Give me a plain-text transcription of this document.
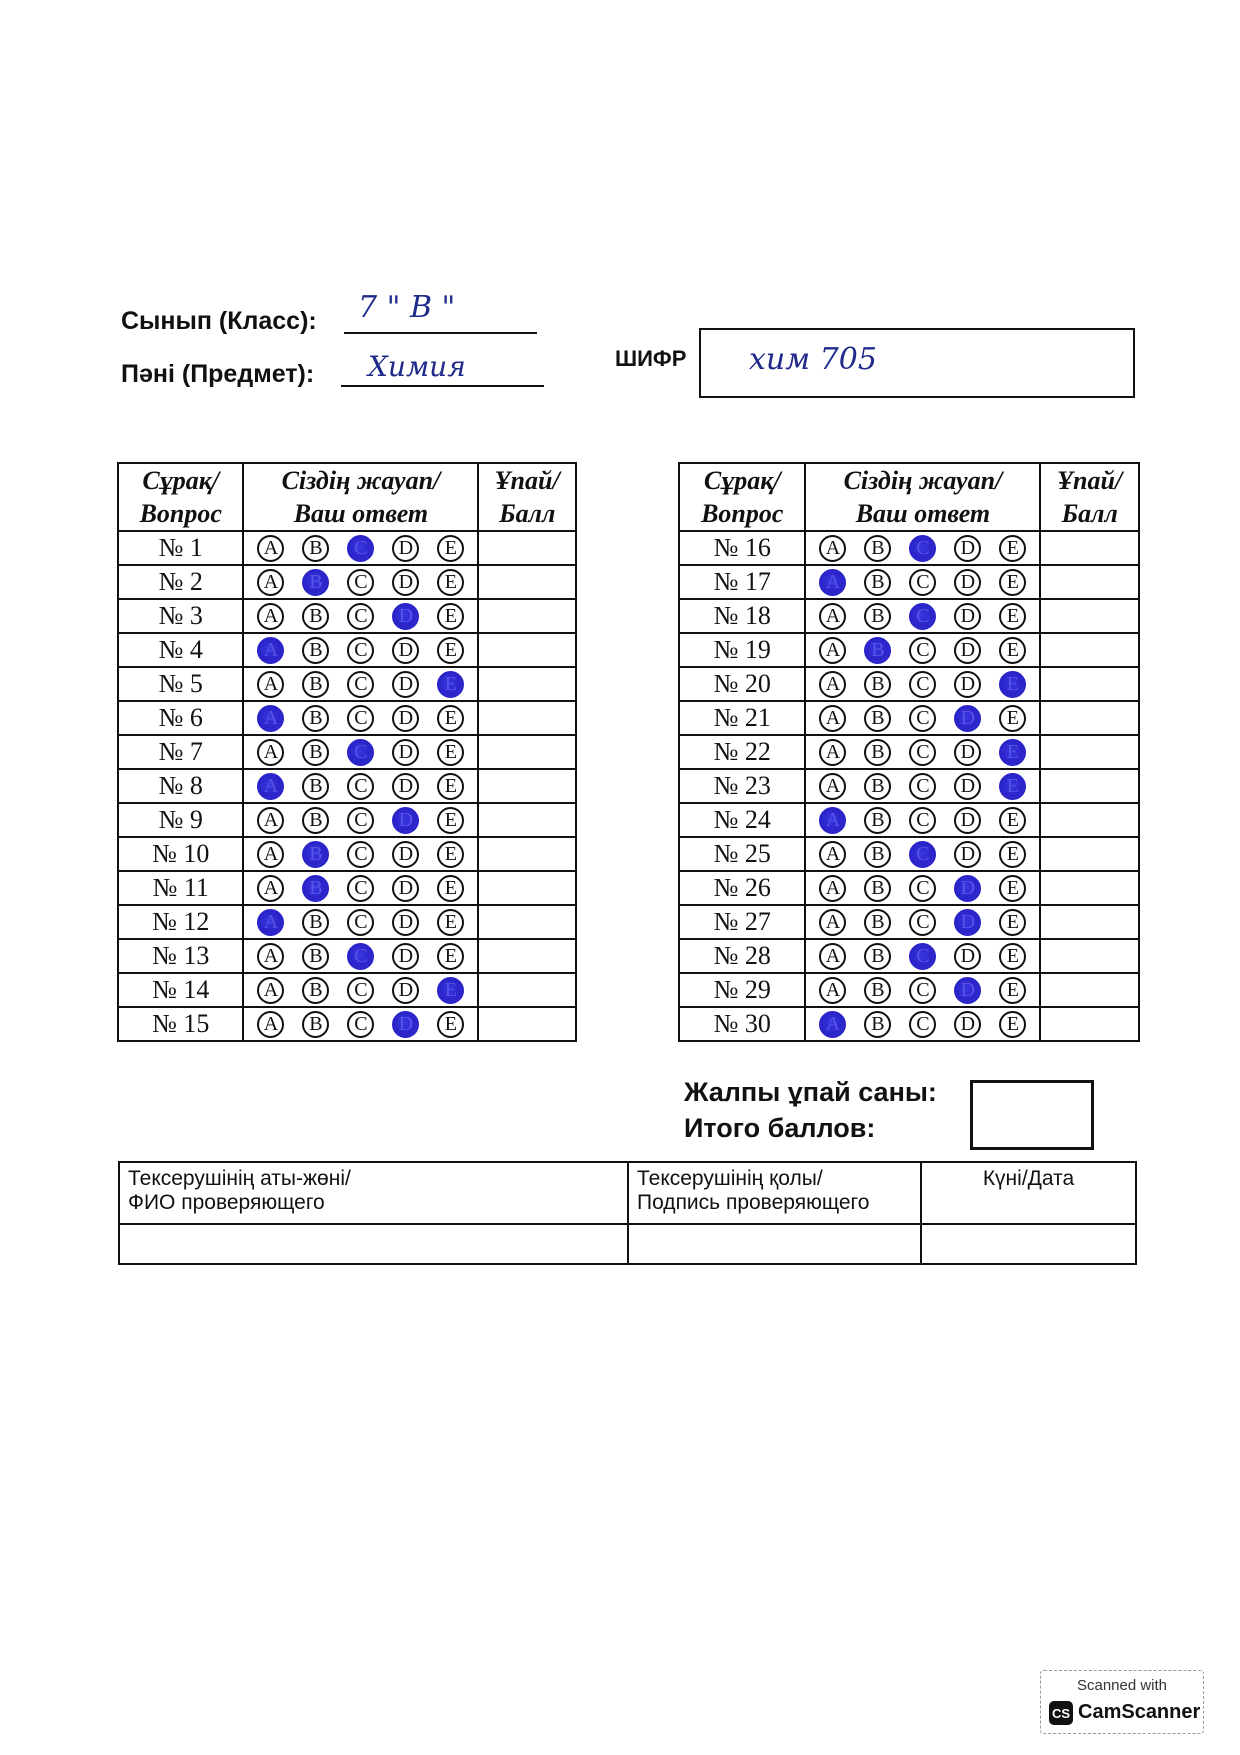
Сынып (Класс): 7 " В "
Пәні (Предмет): Химия	ШИФР хим 705
Сұрақ/
Вопрос	Сіздің жауап/
Ваш ответ	Ұпай/
Балл
№ 1	A B C D E	

№ 2	A B C D E	

№ 3	A B C D E	

№ 4	A B C D E	

№ 5	A B C D E	

№ 6	A B C D E	

№ 7	A B C D E	

№ 8	A B C D E	

№ 9	A B C D E	

№ 10	A B C D E	

№ 11	A B C D E	

№ 12	A B C D E	

№ 13	A B C D E	

№ 14	A B C D E	

№ 15	A B C D E	

Сұрақ/
Вопрос	Сіздің жауап/
Ваш ответ	Ұпай/
Балл
№ 16	A B C D E	

№ 17	A B C D E	

№ 18	A B C D E	

№ 19	A B C D E	

№ 20	A B C D E	

№ 21	A B C D E	

№ 22	A B C D E	

№ 23	A B C D E	

№ 24	A B C D E	

№ 25	A B C D E	

№ 26	A B C D E	

№ 27	A B C D E	

№ 28	A B C D E	

№ 29	A B C D E	

№ 30	A B C D E	

Жалпы ұпай саны:
Итого баллов:
Тексерушінің аты-жөні/
ФИО проверяющего	Тексерушінің қолы/
Подпись проверяющего	Күні/Дата

Scanned with
CS CamScanner
